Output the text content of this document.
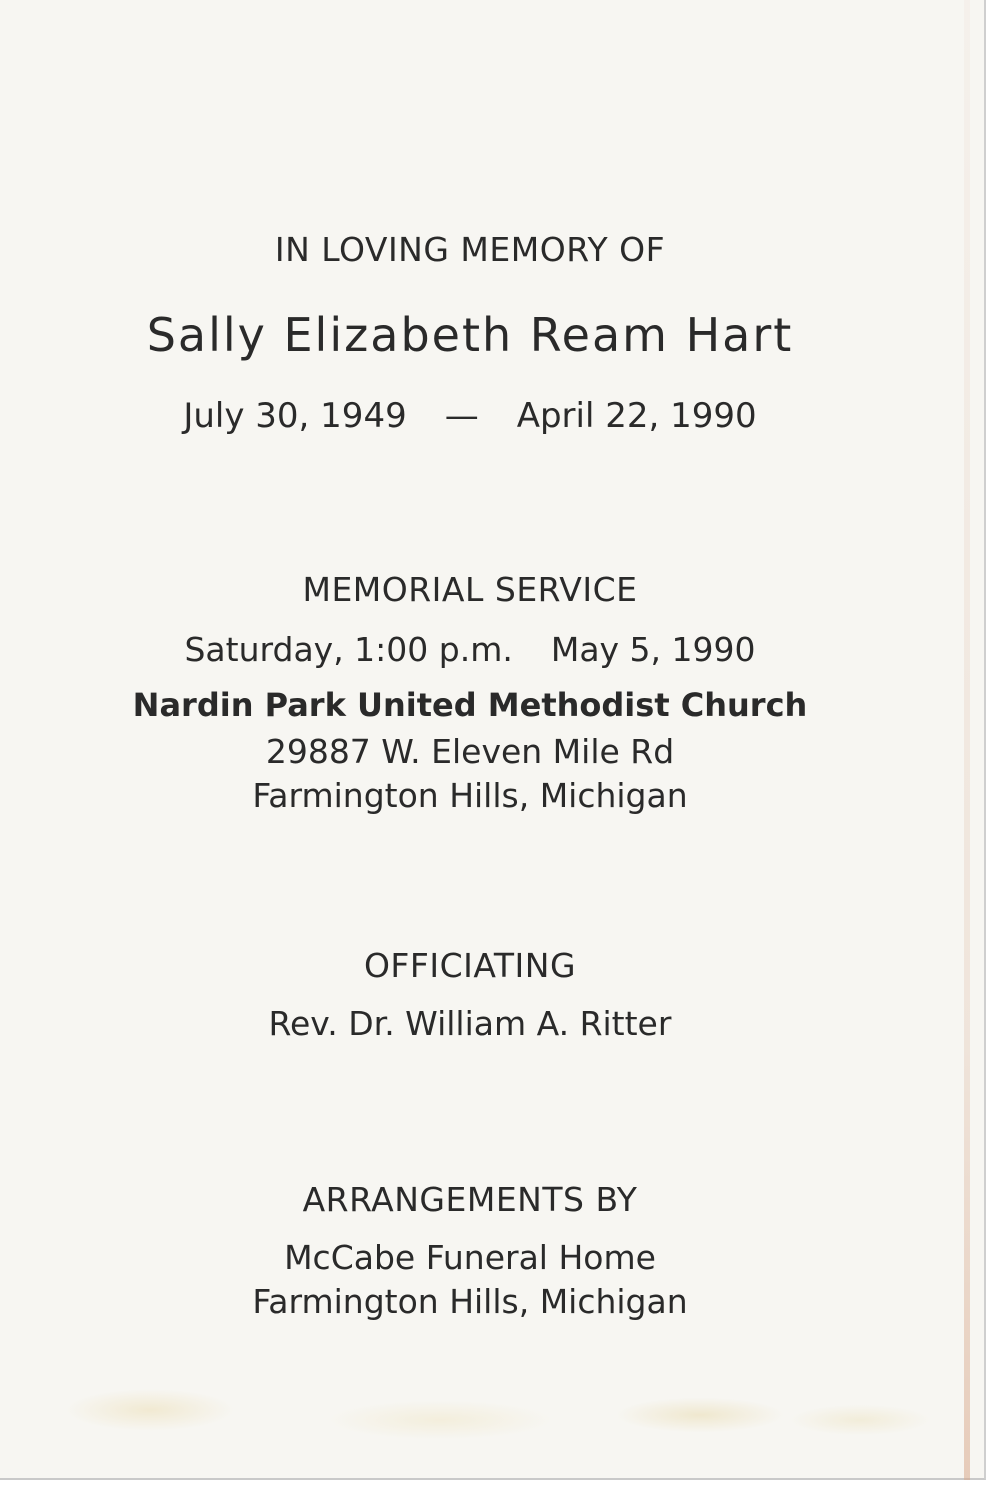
IN LOVING MEMORY OF
Sally Elizabeth Ream Hart
July 30, 1949 — April 22, 1990
MEMORIAL SERVICE
Saturday, 1:00 p.m. May 5, 1990
Nardin Park United Methodist Church
29887 W. Eleven Mile Rd
Farmington Hills, Michigan
OFFICIATING
Rev. Dr. William A. Ritter
ARRANGEMENTS BY
McCabe Funeral Home
Farmington Hills, Michigan
